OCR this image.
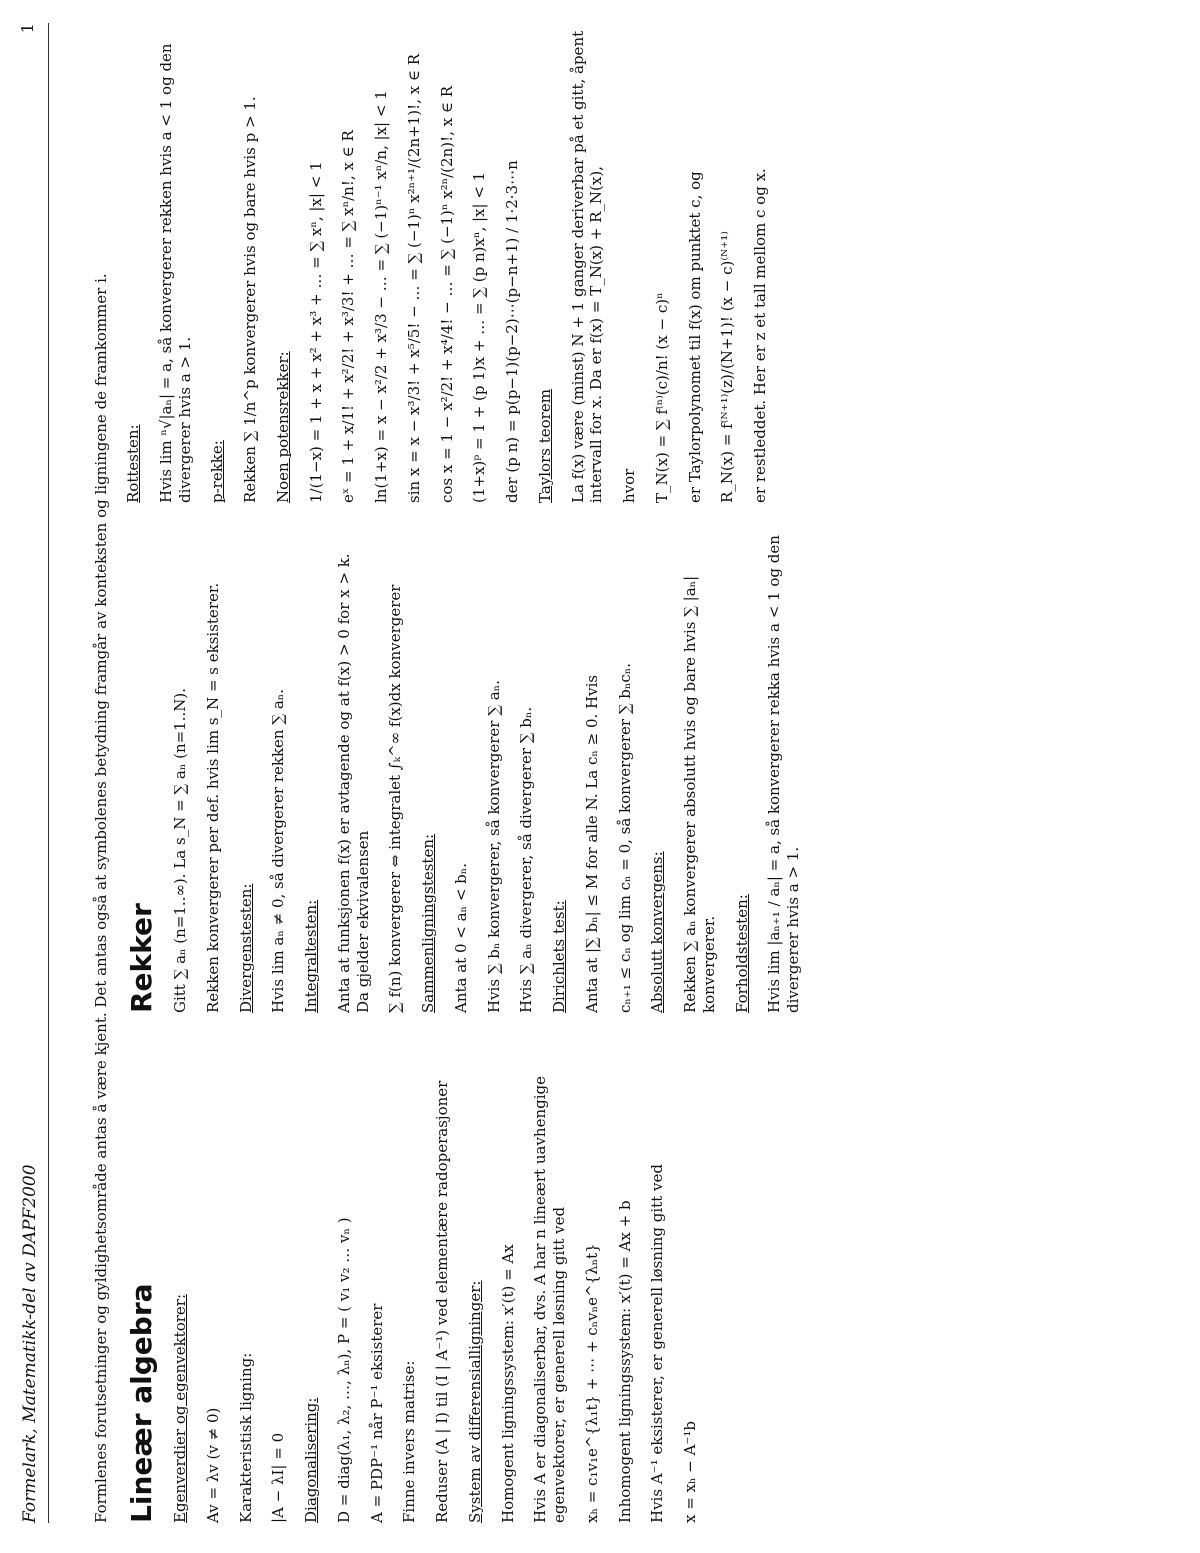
Formelark, Matematikk-del av DAPF2000
1
Formlenes forutsetninger og gyldighetsområde antas å være kjent. Det antas også at symbolenes betydning framgår av konteksten og ligningene de framkommer i. Lineær algebra Egenverdier og egenvektorer: Av = λv (v ≠ 0) Karakteristisk ligning: |A − λI| = 0 Diagonalisering: D = diag(λ₁, λ₂, …, λₙ), P = ( v₁ v₂ … vₙ ) A = PDP⁻¹ når P⁻¹ eksisterer Finne invers matrise: Reduser (A | I) til (I | A⁻¹) ved elementære radoperasjoner System av differensialligninger: Homogent ligningssystem: x′(t) = Ax Hvis A er diagonaliserbar, dvs. A har n lineært uavhengige egenvektorer, er generell løsning gitt ved xₕ = c₁v₁e^{λ₁t} + ⋯ + cₙvₙe^{λₙt} Inhomogent ligningssystem: x′(t) = Ax + b Hvis A⁻¹ eksisterer, er generell løsning gitt ved x = xₕ − A⁻¹b
Rekker Gitt ∑ aₙ (n=1..∞). La s_N = ∑ aₙ (n=1..N). Rekken konvergerer per def. hvis lim s_N = s eksisterer. Divergenstesten: Hvis lim aₙ ≠ 0, så divergerer rekken ∑ aₙ. Integraltesten: Anta at funksjonen f(x) er avtagende og at f(x) > 0 for x > k. Da gjelder ekvivalensen ∑ f(n) konvergerer ⇔ integralet ∫ₖ^∞ f(x)dx konvergerer Sammenligningstesten: Anta at 0 < aₙ < bₙ. Hvis ∑ bₙ konvergerer, så konvergerer ∑ aₙ. Hvis ∑ aₙ divergerer, så divergerer ∑ bₙ. Dirichlets test: Anta at |∑ bₙ| ≤ M for alle N. La cₙ ≥ 0. Hvis cₙ₊₁ ≤ cₙ og lim cₙ = 0, så konvergerer ∑ bₙcₙ. Absolutt konvergens: Rekken ∑ aₙ konvergerer absolutt hvis og bare hvis ∑ |aₙ| konvergerer. Forholdstesten: Hvis lim |aₙ₊₁ / aₙ| = a, så konvergerer rekka hvis a < 1 og den divergerer hvis a > 1.
Rottesten: Hvis lim ⁿ√|aₙ| = a, så konvergerer rekken hvis a < 1 og den divergerer hvis a > 1. p-rekke: Rekken ∑ 1/n^p konvergerer hvis og bare hvis p > 1. Noen potensrekker: 1/(1−x) = 1 + x + x² + x³ + … = ∑ xⁿ, |x| < 1 eˣ = 1 + x/1! + x²/2! + x³/3! + … = ∑ xⁿ/n!, x ∈ R ln(1+x) = x − x²/2 + x³/3 − … = ∑ (−1)ⁿ⁻¹ xⁿ/n, |x| < 1 sin x = x − x³/3! + x⁵/5! − … = ∑ (−1)ⁿ x²ⁿ⁺¹/(2n+1)!, x ∈ R cos x = 1 − x²/2! + x⁴/4! − … = ∑ (−1)ⁿ x²ⁿ/(2n)!, x ∈ R (1+x)ᵖ = 1 + (p 1)x + … = ∑ (p n)xⁿ, |x| < 1 der (p n) = p(p−1)(p−2)⋯(p−n+1) / 1·2·3⋯n Taylors teorem La f(x) være (minst) N + 1 ganger deriverbar på et gitt, åpent intervall for x. Da er f(x) = T_N(x) + R_N(x), hvor T_N(x) = ∑ f⁽ⁿ⁾(c)/n! (x − c)ⁿ er Taylorpolynomet til f(x) om punktet c, og R_N(x) = f⁽ᴺ⁺¹⁾(z)/(N+1)! (x − c)⁽ᴺ⁺¹⁾ er restleddet. Her er z et tall mellom c og x.
